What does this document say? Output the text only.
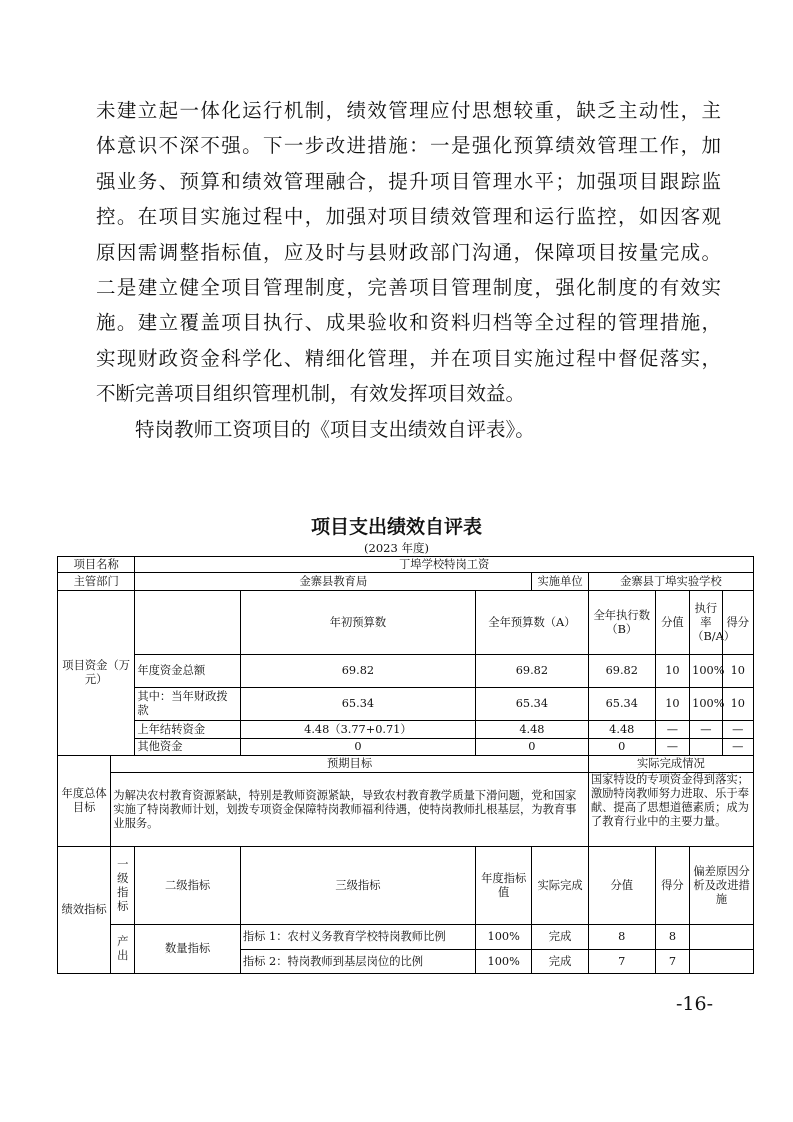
未建立起一体化运行机制，绩效管理应付思想较重，缺乏主动性，主
体意识不深不强。下一步改进措施：一是强化预算绩效管理工作，加
强业务、预算和绩效管理融合，提升项目管理水平；加强项目跟踪监
控。在项目实施过程中，加强对项目绩效管理和运行监控，如因客观
原因需调整指标值，应及时与县财政部门沟通，保障项目按量完成。
二是建立健全项目管理制度，完善项目管理制度，强化制度的有效实
施。建立覆盖项目执行、成果验收和资料归档等全过程的管理措施，
实现财政资金科学化、精细化管理，并在项目实施过程中督促落实，
不断完善项目组织管理机制，有效发挥项目效益。
特岗教师工资项目的《项目支出绩效自评表》。
项目支出绩效自评表
(2023 年度)
项目名称		丁埠学校特岗工资							
主管部门		金寨县教育局			实施单位	金寨县丁埠实验学校			
项目资金（万元）			年初预算数	全年预算数（A）		全年执行数（B）	分值	执行率（B/A）	得分
		年度资金总额	69.82	69.82		69.82	10	100%	10
		其中：当年财政拨款	65.34	65.34		65.34	10	100%	10
		上年结转资金	4.48（3.77+0.71）	4.48		4.48	—	—	—
		其他资金	0	0		0	—		—
年度总体目标	预期目标					实际完成情况			
	为解决农村教育资源紧缺，特别是教师资源紧缺，导致农村教育教学质量下滑问题，党和国家实施了特岗教师计划，划拨专项资金保障特岗教师福利待遇，使特岗教师扎根基层，为教育事业服务。					国家特设的专项资金得到落实；激励特岗教师努力进取、乐于奉献、提高了思想道德素质；成为了教育行业中的主要力量。			
绩效指标	一级指标	二级指标	三级指标	年度指标值	实际完成	分值	得分	偏差原因分析及改进措施	
	产出	数量指标	指标 1：农村义务教育学校特岗教师比例	100%	完成	8	8		
			指标 2：特岗教师到基层岗位的比例	100%	完成	7	7		
-16-
